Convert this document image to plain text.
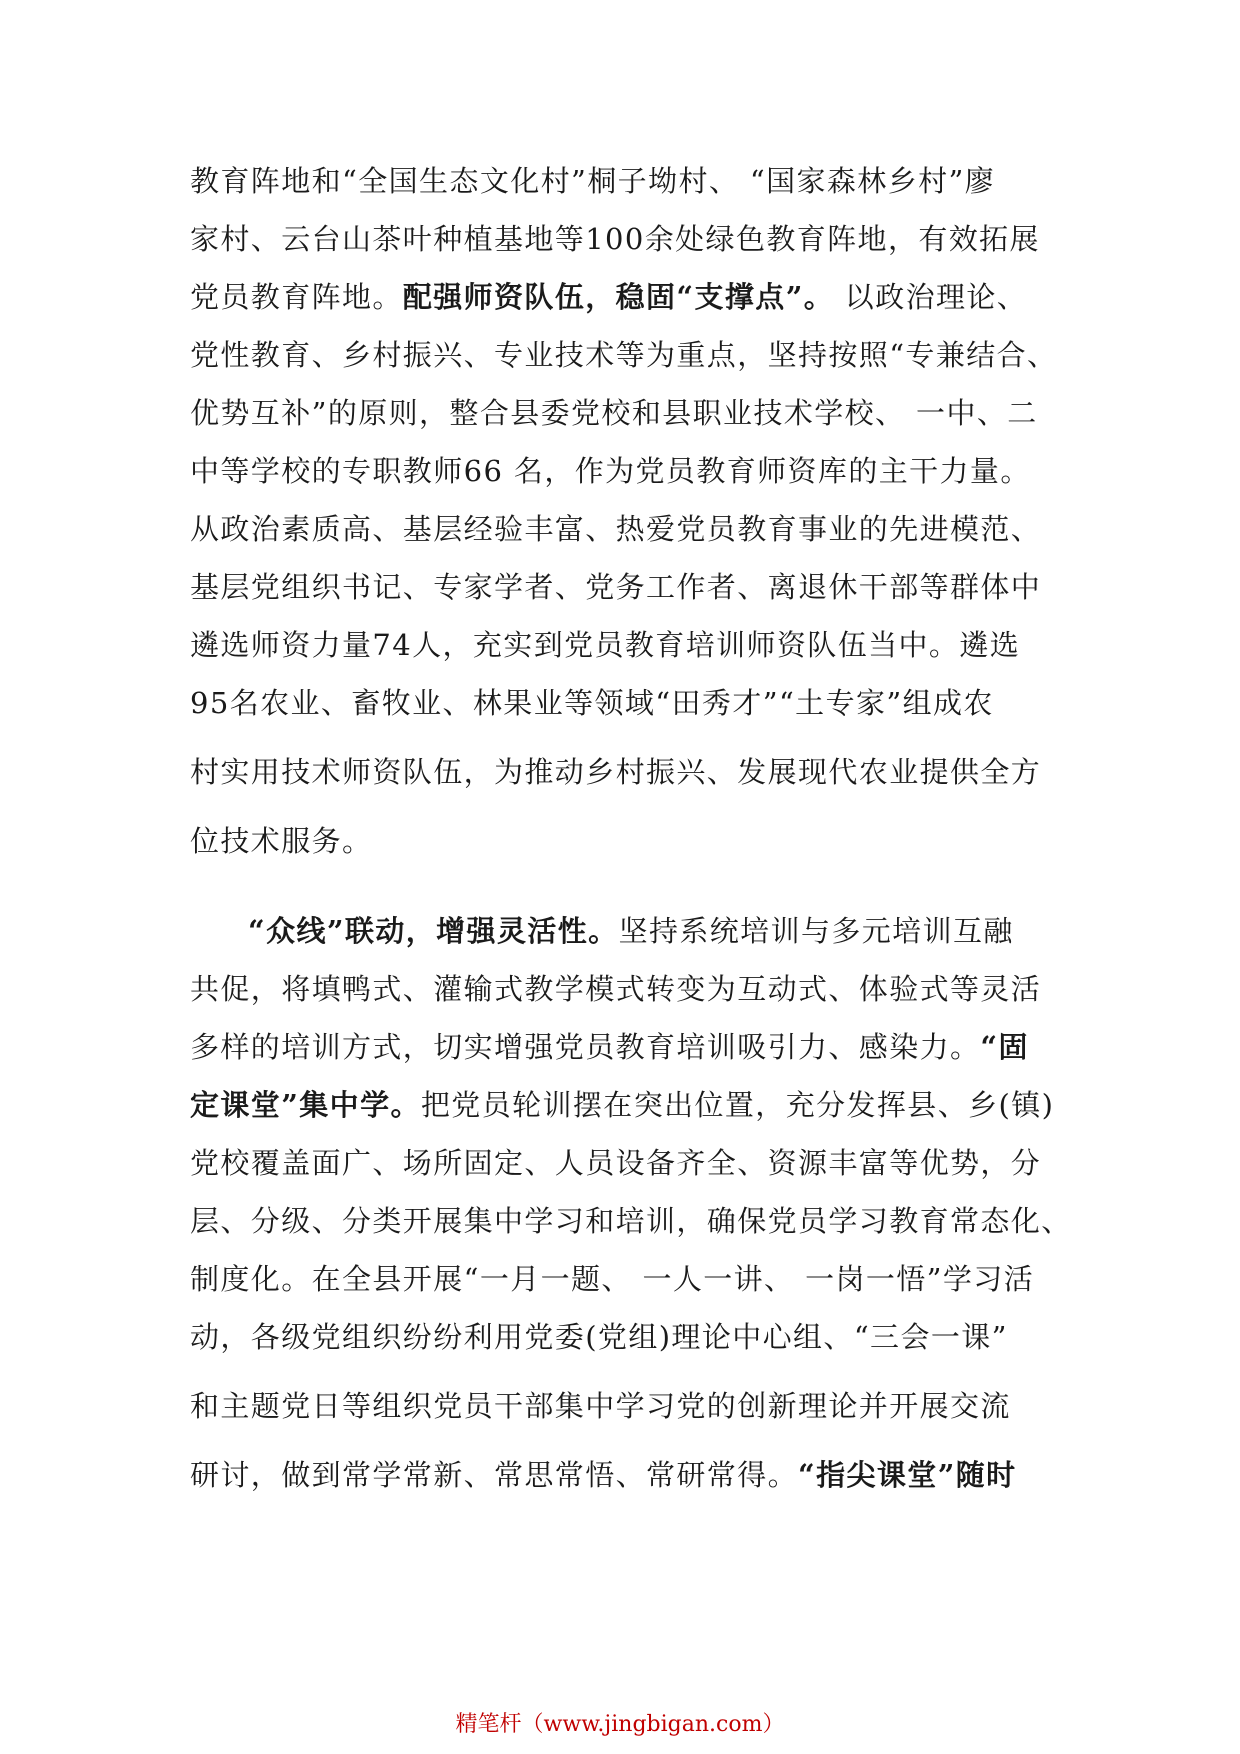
教育阵地和“全国生态文化村”桐子坳村、 “国家森林乡村”廖
家村、云台山茶叶种植基地等100余处绿色教育阵地，有效拓展
党员教育阵地。配强师资队伍，稳固“支撑点”。 以政治理论、
党性教育、乡村振兴、专业技术等为重点，坚持按照“专兼结合、
优势互补”的原则，整合县委党校和县职业技术学校、 一中、二
中等学校的专职教师66 名，作为党员教育师资库的主干力量。
从政治素质高、基层经验丰富、热爱党员教育事业的先进模范、
基层党组织书记、专家学者、党务工作者、离退休干部等群体中
遴选师资力量74人，充实到党员教育培训师资队伍当中。遴选
95名农业、畜牧业、林果业等领域“田秀才”“土专家”组成农
村实用技术师资队伍，为推动乡村振兴、发展现代农业提供全方
位技术服务。
“众线”联动，增强灵活性。坚持系统培训与多元培训互融
共促，将填鸭式、灌输式教学模式转变为互动式、体验式等灵活
多样的培训方式，切实增强党员教育培训吸引力、感染力。“固
定课堂”集中学。把党员轮训摆在突出位置，充分发挥县、乡(镇)
党校覆盖面广、场所固定、人员设备齐全、资源丰富等优势，分
层、分级、分类开展集中学习和培训，确保党员学习教育常态化、
制度化。在全县开展“一月一题、 一人一讲、 一岗一悟”学习活
动，各级党组织纷纷利用党委(党组)理论中心组、“三会一课”
和主题党日等组织党员干部集中学习党的创新理论并开展交流
研讨，做到常学常新、常思常悟、常研常得。“指尖课堂”随时
精笔杆（www.jingbigan.com）
